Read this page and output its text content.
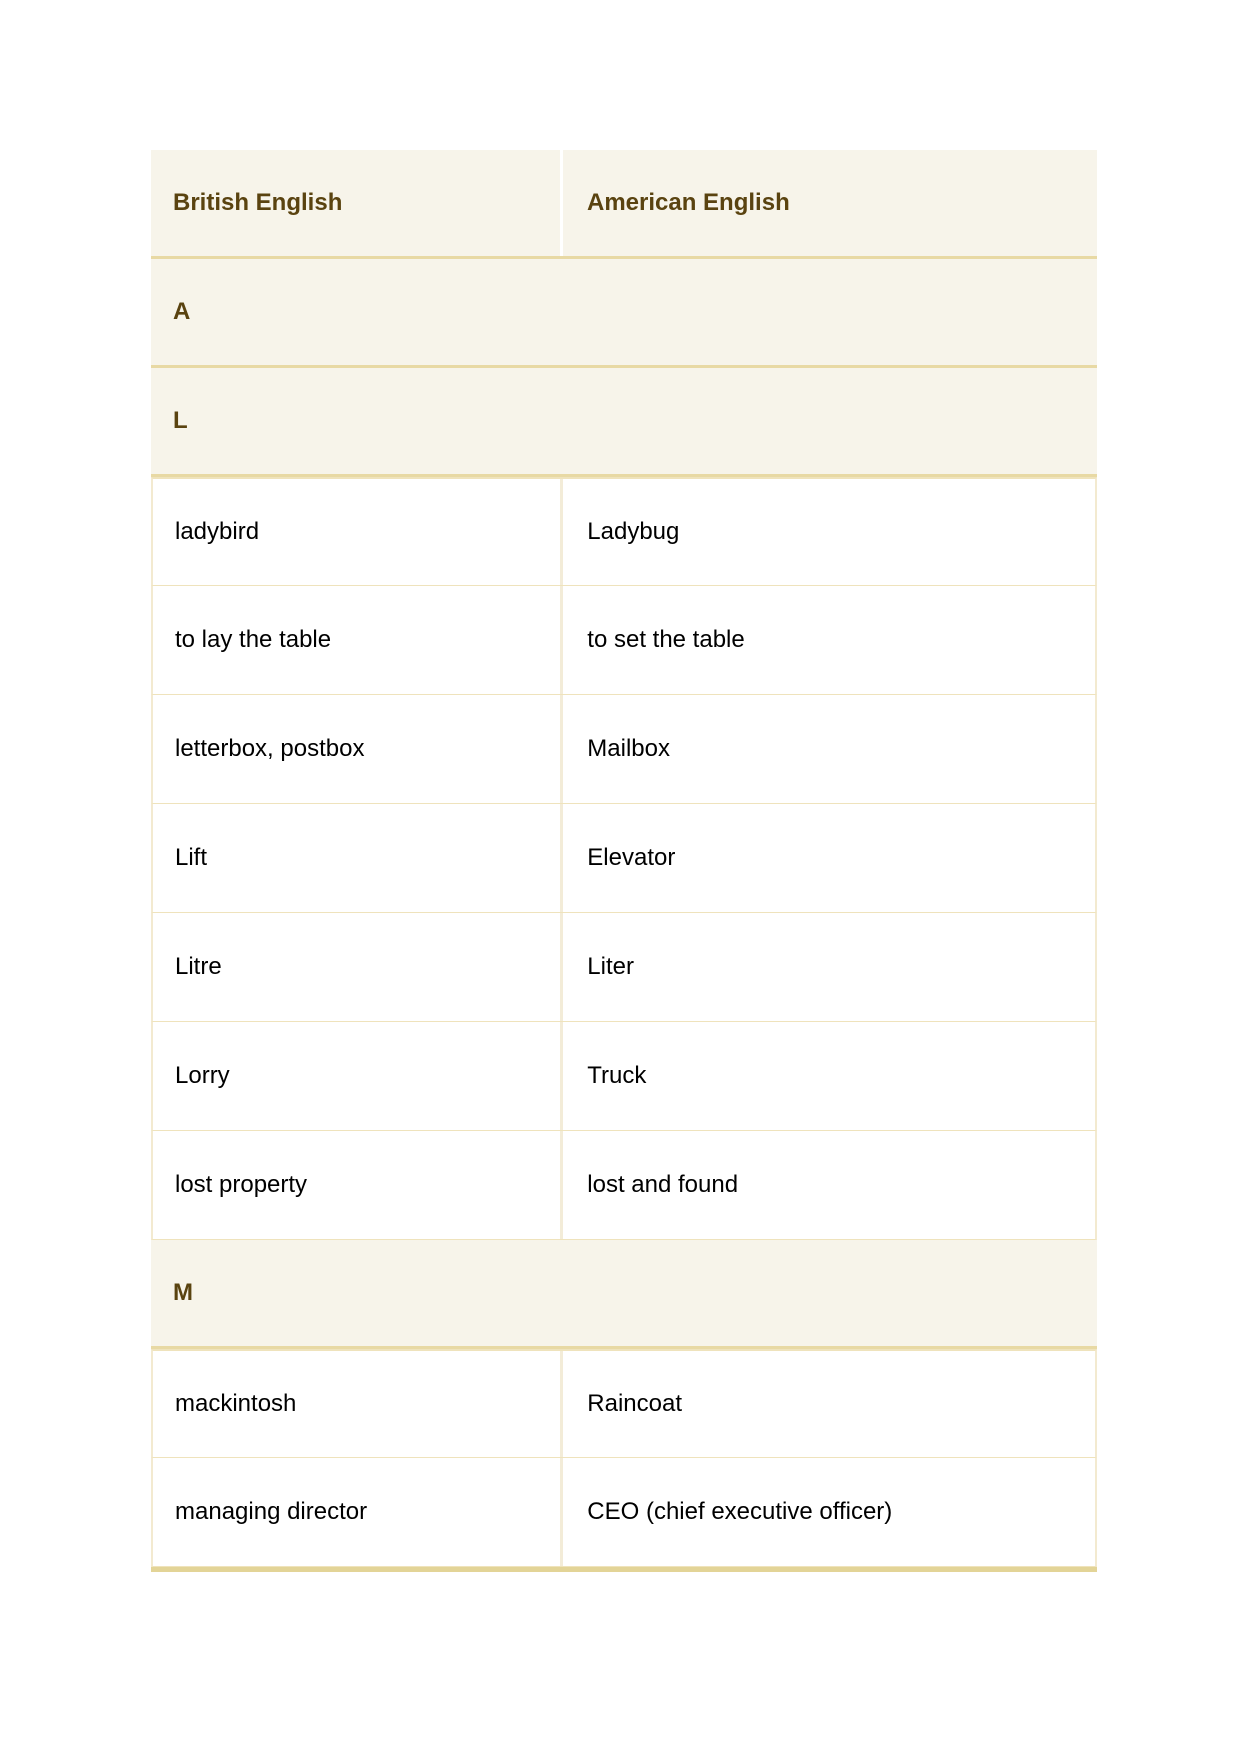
British English	American English
A
L
ladybird	Ladybug
to lay the table	to set the table
letterbox, postbox	Mailbox
Lift	Elevator
Litre	Liter
Lorry	Truck
lost property	lost and found
M
mackintosh	Raincoat
managing director	CEO (chief executive officer)
